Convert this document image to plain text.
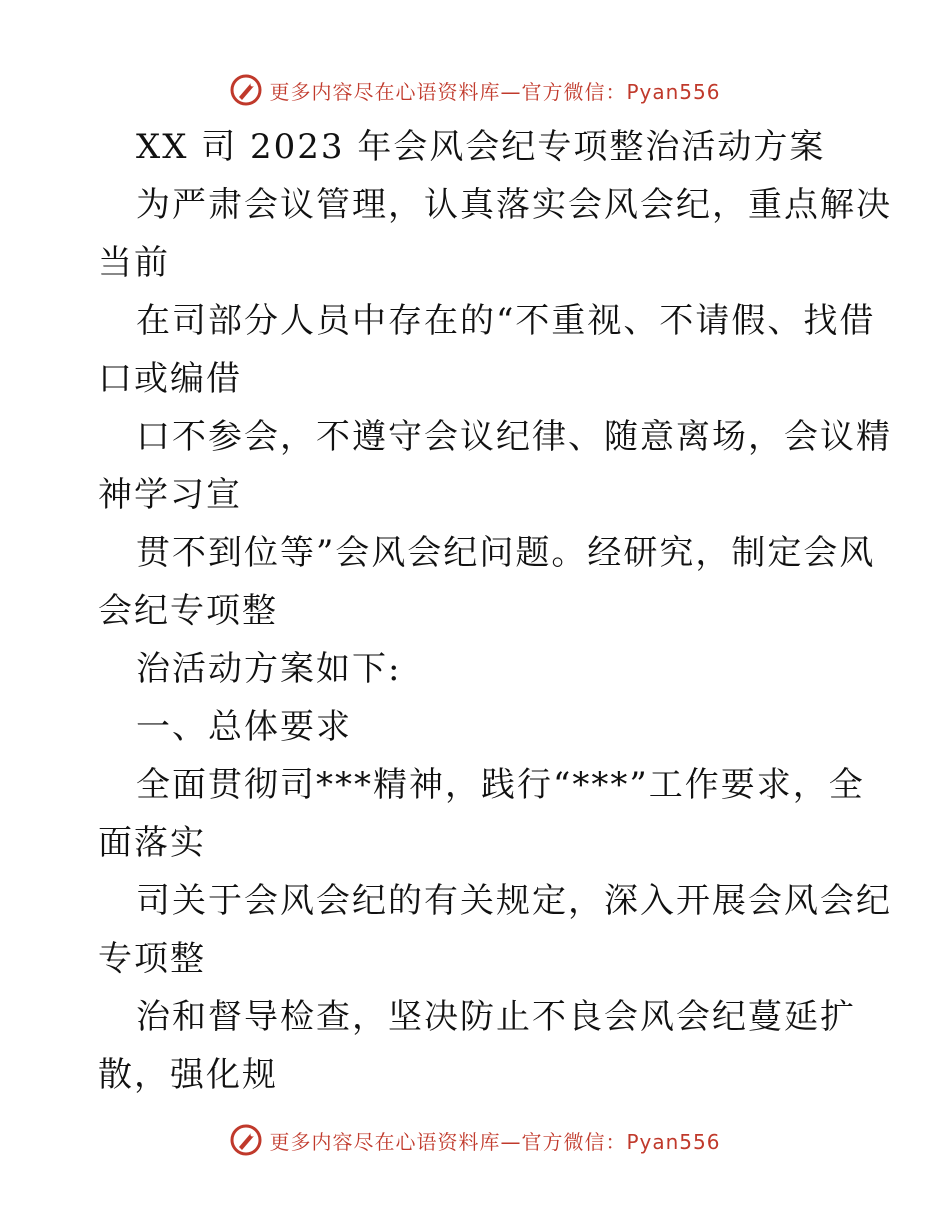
更多内容尽在心语资料库—官方微信：Pyan556
XX 司 2023 年会风会纪专项整治活动方案
为严肃会议管理，认真落实会风会纪，重点解决
当前
在司部分人员中存在的“不重视、不请假、找借
口或编借
口不参会，不遵守会议纪律、随意离场，会议精
神学习宣
贯不到位等”会风会纪问题。经研究，制定会风
会纪专项整
治活动方案如下:
一、总体要求
全面贯彻司***精神，践行“***”工作要求，全
面落实
司关于会风会纪的有关规定，深入开展会风会纪
专项整
治和督导检查，坚决防止不良会风会纪蔓延扩
散，强化规
更多内容尽在心语资料库—官方微信：Pyan556
